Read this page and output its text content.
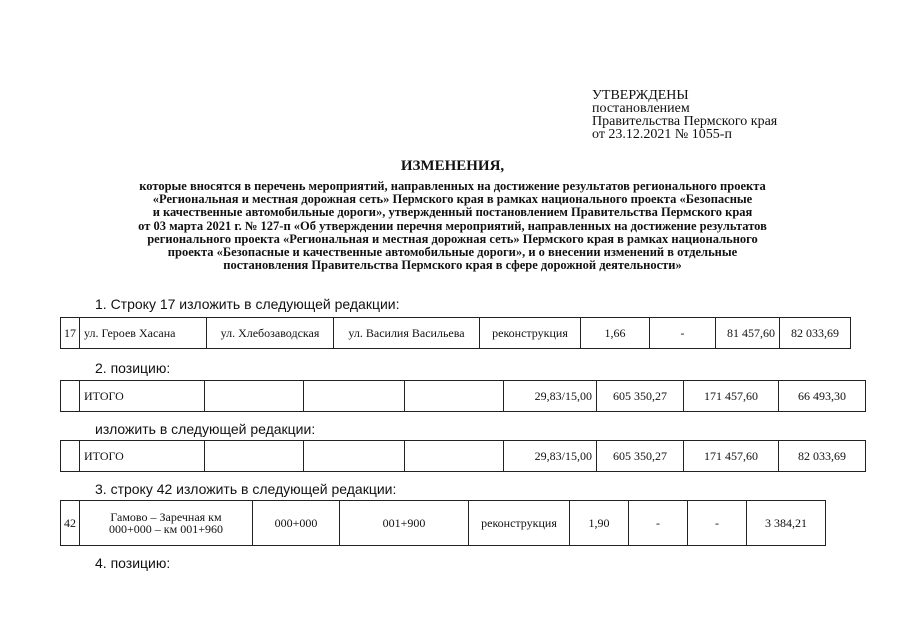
УТВЕРЖДЕНЫ
постановлением
Правительства Пермского края
от 23.12.2021 № 1055-п
ИЗМЕНЕНИЯ,
которые вносятся в перечень мероприятий, направленных на достижение результатов регионального проекта
«Региональная и местная дорожная сеть» Пермского края в рамках национального проекта «Безопасные
и качественные автомобильные дороги», утвержденный постановлением Правительства Пермского края
от 03 марта 2021 г. № 127-п «Об утверждении перечня мероприятий, направленных на достижение результатов
регионального проекта «Региональная и местная дорожная сеть» Пермского края в рамках национального
проекта «Безопасные и качественные автомобильные дороги», и о внесении изменений в отдельные
постановления Правительства Пермского края в сфере дорожной деятельности»
1. Строку 17 изложить в следующей редакции:
17	ул. Героев Хасана	ул. Хлебозаводская	ул. Василия Васильева	реконструкция	1,66	-	81 457,60	82 033,69
2. позицию:
	ИТОГО				29,83/15,00	605 350,27	171 457,60	66 493,30
изложить в следующей редакции:
	ИТОГО				29,83/15,00	605 350,27	171 457,60	82 033,69
3. строку 42 изложить в следующей редакции:
42	Гамово – Заречная км
000+000 – км 001+960	000+000	001+900	реконструкция	1,90	-	-	3 384,21
4. позицию:
